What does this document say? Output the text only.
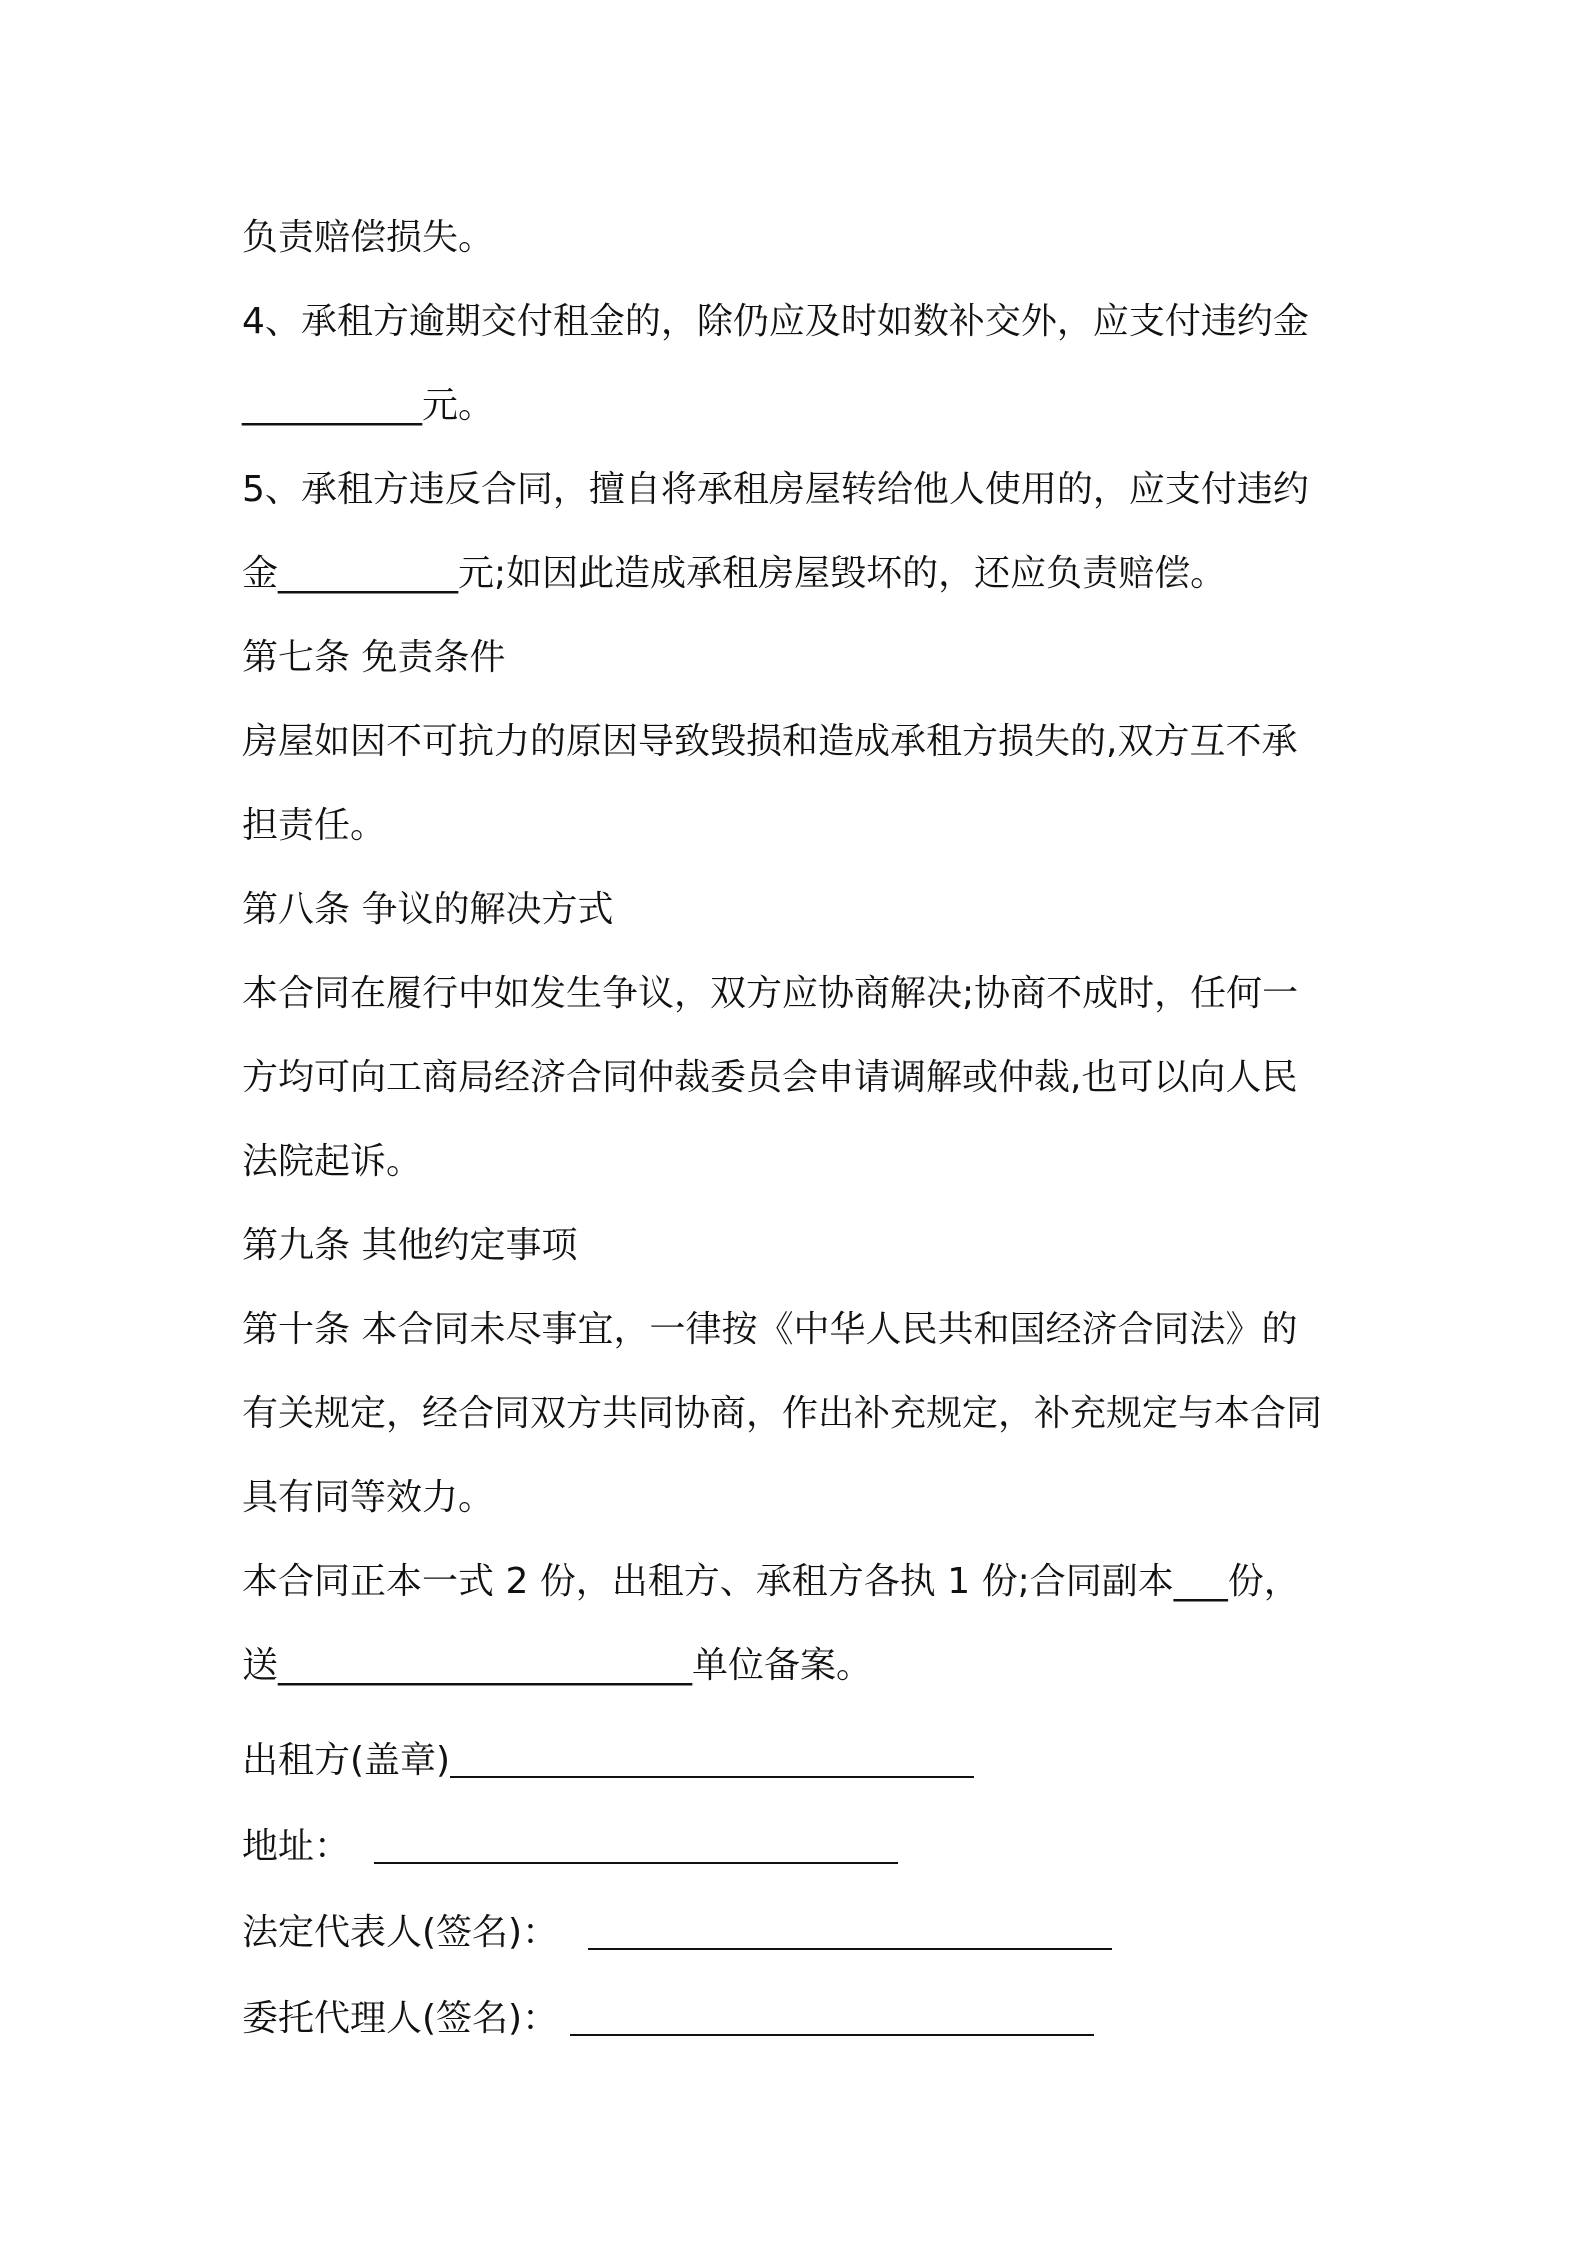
负责赔偿损失。
4、承租方逾期交付租金的，除仍应及时如数补交外，应支付违约金
__________元。
5、承租方违反合同，擅自将承租房屋转给他人使用的，应支付违约
金__________元;如因此造成承租房屋毁坏的，还应负责赔偿。
第七条 免责条件
房屋如因不可抗力的原因导致毁损和造成承租方损失的,双方互不承
担责任。
第八条 争议的解决方式
本合同在履行中如发生争议，双方应协商解决;协商不成时，任何一
方均可向工商局经济合同仲裁委员会申请调解或仲裁,也可以向人民
法院起诉。
第九条 其他约定事项
第十条 本合同未尽事宜，一律按《中华人民共和国经济合同法》的
有关规定，经合同双方共同协商，作出补充规定，补充规定与本合同
具有同等效力。
本合同正本一式 2 份，出租方、承租方各执 1 份;合同副本___份，
送_______________________单位备案。
出租方(盖章)
地址：
法定代表人(签名)：
委托代理人(签名)：
